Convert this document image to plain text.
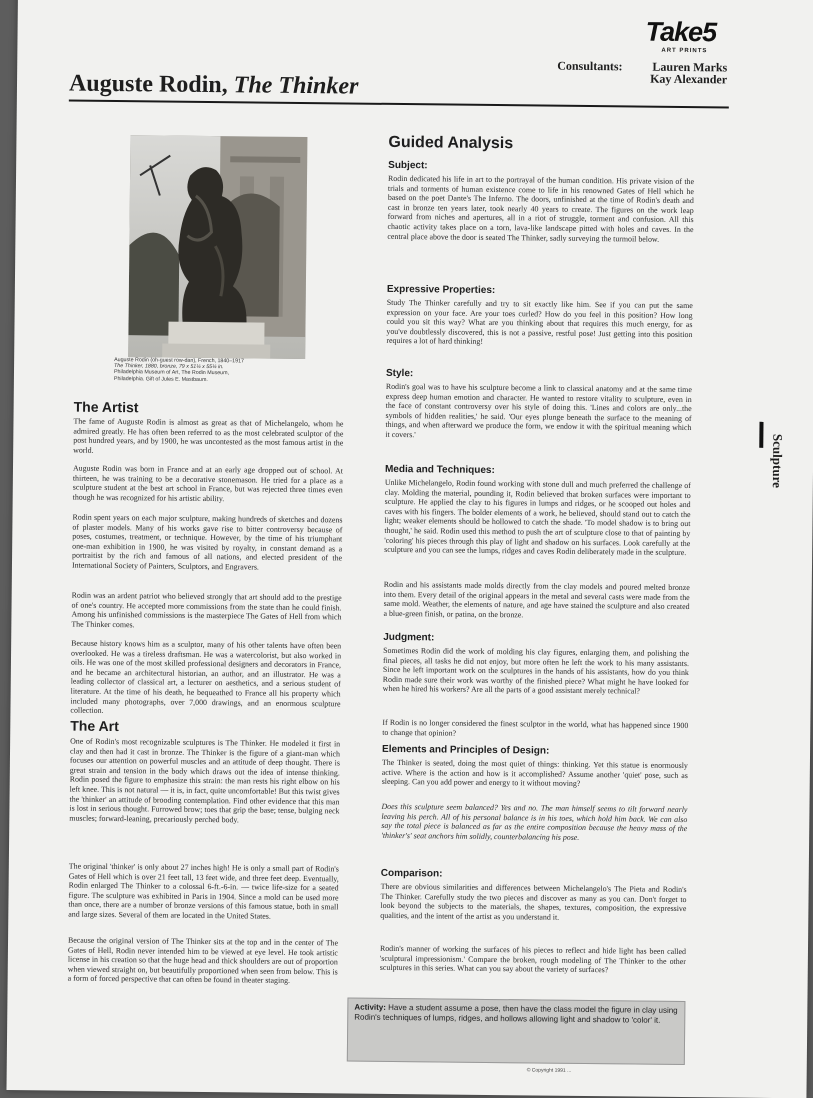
Take5
ART PRINTS
Consultants:	Lauren Marks
Kay Alexander
Auguste Rodin, The Thinker
Auguste Rodin (oh-guest row-dan), French, 1840–1917
The Thinker, 1880, bronze, 79 x 51¼ x 55¼ in.
Philadelphia Museum of Art, The Rodin Museum,
Philadelphia. Gift of Jules E. Mastbaum.
The Artist
The fame of Auguste Rodin is almost as great as that of Michelangelo, whom he admired greatly. He has often been referred to as the most celebrated sculptor of the post hundred years, and by 1900, he was uncontested as the most famous artist in the world.
Auguste Rodin was born in France and at an early age dropped out of school. At thirteen, he was training to be a decorative stonemason. He tried for a place as a sculpture student at the best art school in France, but was rejected three times even though he was recognized for his artistic ability.
Rodin spent years on each major sculpture, making hundreds of sketches and dozens of plaster models. Many of his works gave rise to bitter controversy because of poses, costumes, treatment, or technique. However, by the time of his triumphant one-man exhibition in 1900, he was visited by royalty, in constant demand as a portraitist by the rich and famous of all nations, and elected president of the International Society of Painters, Sculptors, and Engravers.
Rodin was an ardent patriot who believed strongly that art should add to the prestige of one's country. He accepted more commissions from the state than he could finish. Among his unfinished commissions is the masterpiece The Gates of Hell from which The Thinker comes.
Because history knows him as a sculptor, many of his other talents have often been overlooked. He was a tireless draftsman. He was a watercolorist, but also worked in oils. He was one of the most skilled professional designers and decorators in France, and he became an architectural historian, an author, and an illustrator. He was a leading collector of classical art, a lecturer on aesthetics, and a serious student of literature. At the time of his death, he bequeathed to France all his property which included many photographs, over 7,000 drawings, and an enormous sculpture collection.
The Art
One of Rodin's most recognizable sculptures is The Thinker. He modeled it first in clay and then had it cast in bronze. The Thinker is the figure of a giant-man which focuses our attention on powerful muscles and an attitude of deep thought. There is great strain and tension in the body which draws out the idea of intense thinking. Rodin posed the figure to emphasize this strain: the man rests his right elbow on his left knee. This is not natural — it is, in fact, quite uncomfortable! But this twist gives the 'thinker' an attitude of brooding contemplation. Find other evidence that this man is lost in serious thought. Furrowed brow; toes that grip the base; tense, bulging neck muscles; forward-leaning, precariously perched body.
The original 'thinker' is only about 27 inches high! He is only a small part of Rodin's Gates of Hell which is over 21 feet tall, 13 feet wide, and three feet deep. Eventually, Rodin enlarged The Thinker to a colossal 6-ft.-6-in. — twice life-size for a seated figure. The sculpture was exhibited in Paris in 1904. Since a mold can be used more than once, there are a number of bronze versions of this famous statue, both in small and large sizes. Several of them are located in the United States.
Because the original version of The Thinker sits at the top and in the center of The Gates of Hell, Rodin never intended him to be viewed at eye level. He took artistic license in his creation so that the huge head and thick shoulders are out of proportion when viewed straight on, but beautifully proportioned when seen from below. This is a form of forced perspective that can often be found in theater staging.
Guided Analysis
Subject:
Rodin dedicated his life in art to the portrayal of the human condition. His private vision of the trials and torments of human existence come to life in his renowned Gates of Hell which he based on the poet Dante's The Inferno. The doors, unfinished at the time of Rodin's death and cast in bronze ten years later, took nearly 40 years to create. The figures on the work leap forward from niches and apertures, all in a riot of struggle, torment and confusion. All this chaotic activity takes place on a torn, lava-like landscape pitted with holes and caves. In the central place above the door is seated The Thinker, sadly surveying the turmoil below.
Expressive Properties:
Study The Thinker carefully and try to sit exactly like him. See if you can put the same expression on your face. Are your toes curled? How do you feel in this position? How long could you sit this way? What are you thinking about that requires this much energy, for as you've doubtlessly discovered, this is not a passive, restful pose! Just getting into this position requires a lot of hard thinking!
Style:
Rodin's goal was to have his sculpture become a link to classical anatomy and at the same time express deep human emotion and character. He wanted to restore vitality to sculpture, even in the face of constant controversy over his style of doing this. 'Lines and colors are only...the symbols of hidden realities,' he said. 'Our eyes plunge beneath the surface to the meaning of things, and when afterward we produce the form, we endow it with the spiritual meaning which it covers.'
Media and Techniques:
Unlike Michelangelo, Rodin found working with stone dull and much preferred the challenge of clay. Molding the material, pounding it, Rodin believed that broken surfaces were important to sculpture. He applied the clay to his figures in lumps and ridges, or he scooped out holes and caves with his fingers. The bolder elements of a work, he believed, should stand out to catch the light; weaker elements should be hollowed to catch the shade. 'To model shadow is to bring out thought,' he said. Rodin used this method to push the art of sculpture close to that of painting by 'coloring' his pieces through this play of light and shadow on his surfaces. Look carefully at the sculpture and you can see the lumps, ridges and caves Rodin deliberately made in the sculpture.
Rodin and his assistants made molds directly from the clay models and poured melted bronze into them. Every detail of the original appears in the metal and several casts were made from the same mold. Weather, the elements of nature, and age have stained the sculpture and also created a blue-green finish, or patina, on the bronze.
Judgment:
Sometimes Rodin did the work of molding his clay figures, enlarging them, and polishing the final pieces, all tasks he did not enjoy, but more often he left the work to his many assistants. Since he left important work on the sculptures in the hands of his assistants, how do you think Rodin made sure their work was worthy of the finished piece? What might he have looked for when he hired his workers? Are all the parts of a good assistant merely technical?
If Rodin is no longer considered the finest sculptor in the world, what has happened since 1900 to change that opinion?
Elements and Principles of Design:
The Thinker is seated, doing the most quiet of things: thinking. Yet this statue is enormously active. Where is the action and how is it accomplished? Assume another 'quiet' pose, such as sleeping. Can you add power and energy to it without moving?
Does this sculpture seem balanced? Yes and no. The man himself seems to tilt forward nearly leaving his perch. All of his personal balance is in his toes, which hold him back. We can also say the total piece is balanced as far as the entire composition because the heavy mass of the 'thinker's' seat anchors him solidly, counterbalancing his pose.
Comparison:
There are obvious similarities and differences between Michelangelo's The Pieta and Rodin's The Thinker. Carefully study the two pieces and discover as many as you can. Don't forget to look beyond the subjects to the materials, the shapes, textures, composition, the expressive qualities, and the intent of the artist as you understand it.
Rodin's manner of working the surfaces of his pieces to reflect and hide light has been called 'sculptural impressionism.' Compare the broken, rough modeling of The Thinker to the other sculptures in this series. What can you say about the variety of surfaces?
Activity: Have a student assume a pose, then have the class model the figure in clay using Rodin's techniques of lumps, ridges, and hollows allowing light and shadow to 'color' it.
Sculpture
© Copyright 1991 ...
